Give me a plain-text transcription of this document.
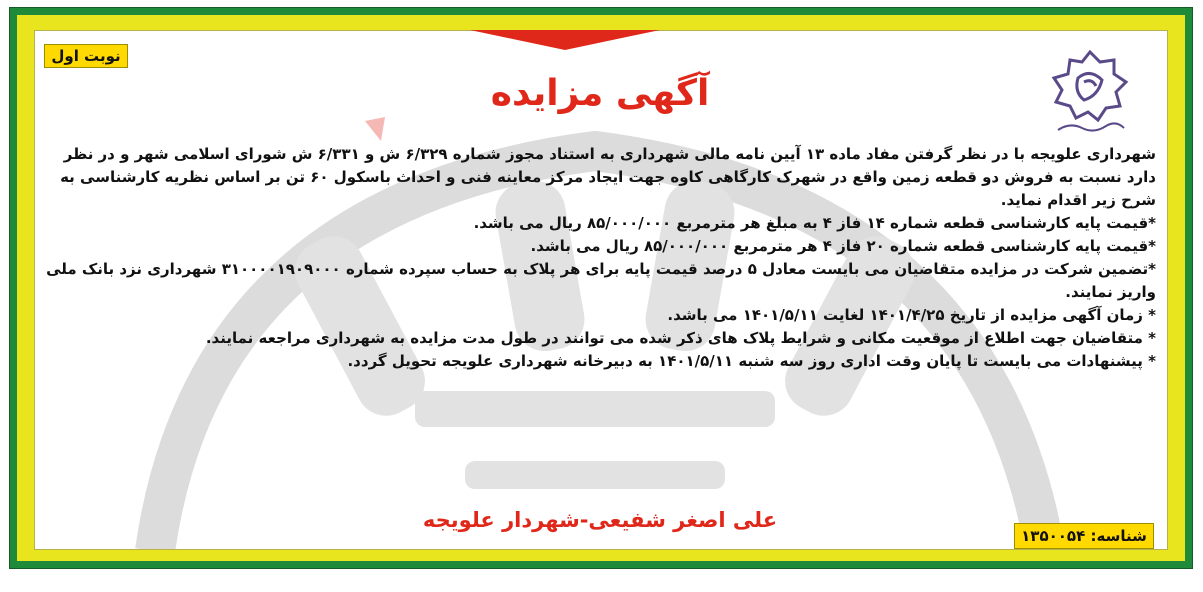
نوبت اول
آگهی مزایده

شهرداری علویجه با در نظر گرفتن مفاد ماده ۱۳ آیین نامه مالی شهرداری به استناد مجوز شماره ۶/۳۲۹ ش و ۶/۳۳۱ ش شورای اسلامی شهر و در نظر دارد نسبت به فروش دو قطعه زمین واقع در شهرک کارگاهی کاوه جهت ایجاد مرکز معاینه فنی و احداث باسکول ۶۰ تن بر اساس نظریه کارشناسی به شرح زیر اقدام نماید.

*قیمت پایه کارشناسی قطعه شماره ۱۴ فاز ۴ به مبلغ هر مترمربع ۸۵/۰۰۰/۰۰۰ ریال می باشد.

*قیمت پایه کارشناسی قطعه شماره ۲۰ فاز ۴ هر مترمربع ۸۵/۰۰۰/۰۰۰ ریال می باشد.

*تضمین شرکت در مزایده متقاضیان می بایست معادل ۵ درصد قیمت پایه برای هر پلاک به حساب سپرده شماره ۳۱۰۰۰۰۱۹۰۹۰۰۰ شهرداری نزد بانک ملی واریز نمایند.

* زمان آگهی مزایده از تاریخ ۱۴۰۱/۴/۲۵ لغایت ۱۴۰۱/۵/۱۱ می باشد.

* متقاضیان جهت اطلاع از موقعیت مکانی و شرایط پلاک های ذکر شده می توانند در طول مدت مزایده به شهرداری مراجعه نمایند.

* پیشنهادات می بایست تا پایان وقت اداری روز سه شنبه ۱۴۰۱/۵/۱۱ به دبیرخانه شهرداری علویجه تحویل گردد.

علی اصغر شفیعی-شهردار علویجه
شناسه: ۱۳۵۰۰۵۴
